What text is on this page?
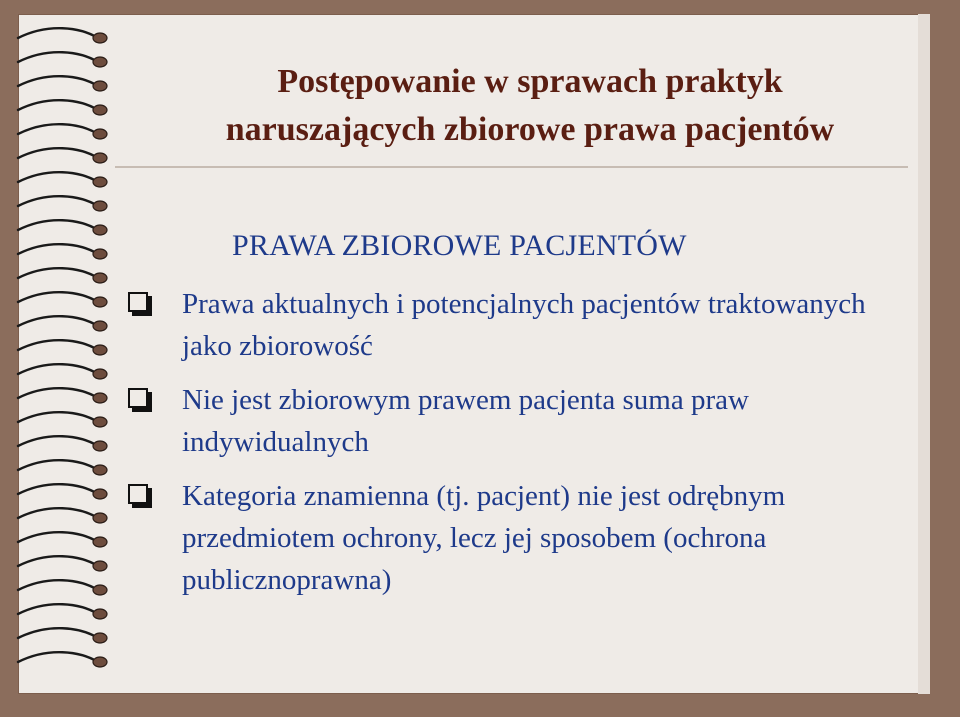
Postępowanie w sprawach praktyk
naruszających zbiorowe prawa pacjentów
PRAWA ZBIOROWE PACJENTÓW
Prawa aktualnych i potencjalnych pacjentów traktowanych jako zbiorowość
Nie jest zbiorowym prawem pacjenta suma praw indywidualnych
Kategoria znamienna (tj. pacjent) nie jest odrębnym przedmiotem ochrony, lecz jej sposobem (ochrona publicznoprawna)
